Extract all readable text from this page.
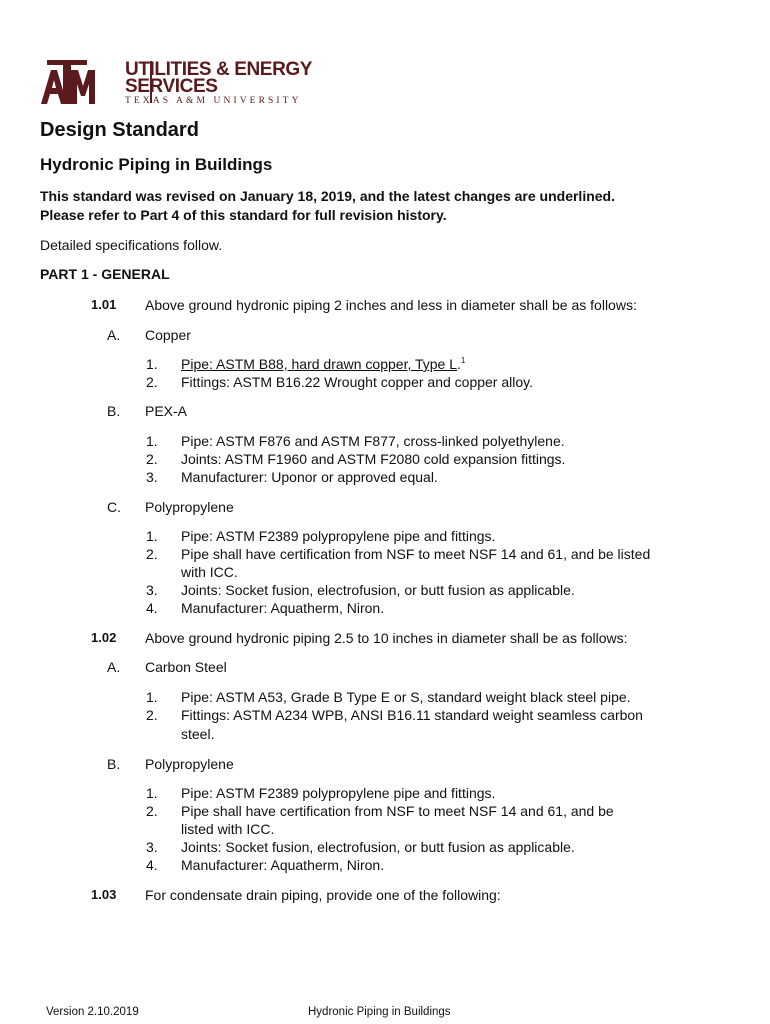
UTILITIES & ENERGY
SERVICES
TEXAS A&M UNIVERSITY
Design Standard
Hydronic Piping in Buildings
This standard was revised on January 18, 2019, and the latest changes are underlined.
Please refer to Part 4 of this standard for full revision history.
Detailed specifications follow.
PART 1 - GENERAL
1.01 Above ground hydronic piping 2 inches and less in diameter shall be as follows:
A. Copper
1. Pipe: ASTM B88, hard drawn copper, Type L.$^1$
2. Fittings: ASTM B16.22 Wrought copper and copper alloy.
B. PEX-A
1. Pipe: ASTM F876 and ASTM F877, cross-linked polyethylene.
2. Joints: ASTM F1960 and ASTM F2080 cold expansion fittings.
3. Manufacturer: Uponor or approved equal.
C. Polypropylene
1. Pipe: ASTM F2389 polypropylene pipe and fittings.
2. Pipe shall have certification from NSF to meet NSF 14 and 61, and be listed
with ICC.
3. Joints: Socket fusion, electrofusion, or butt fusion as applicable.
4. Manufacturer: Aquatherm, Niron.
1.02 Above ground hydronic piping 2.5 to 10 inches in diameter shall be as follows:
A. Carbon Steel
1. Pipe: ASTM A53, Grade B Type E or S, standard weight black steel pipe.
2. Fittings: ASTM A234 WPB, ANSI B16.11 standard weight seamless carbon
steel.
B. Polypropylene
1. Pipe: ASTM F2389 polypropylene pipe and fittings.
2. Pipe shall have certification from NSF to meet NSF 14 and 61, and be
listed with ICC.
3. Joints: Socket fusion, electrofusion, or butt fusion as applicable.
4. Manufacturer: Aquatherm, Niron.
1.03 For condensate drain piping, provide one of the following:
Version 2.10.2019	Hydronic Piping in Buildings
